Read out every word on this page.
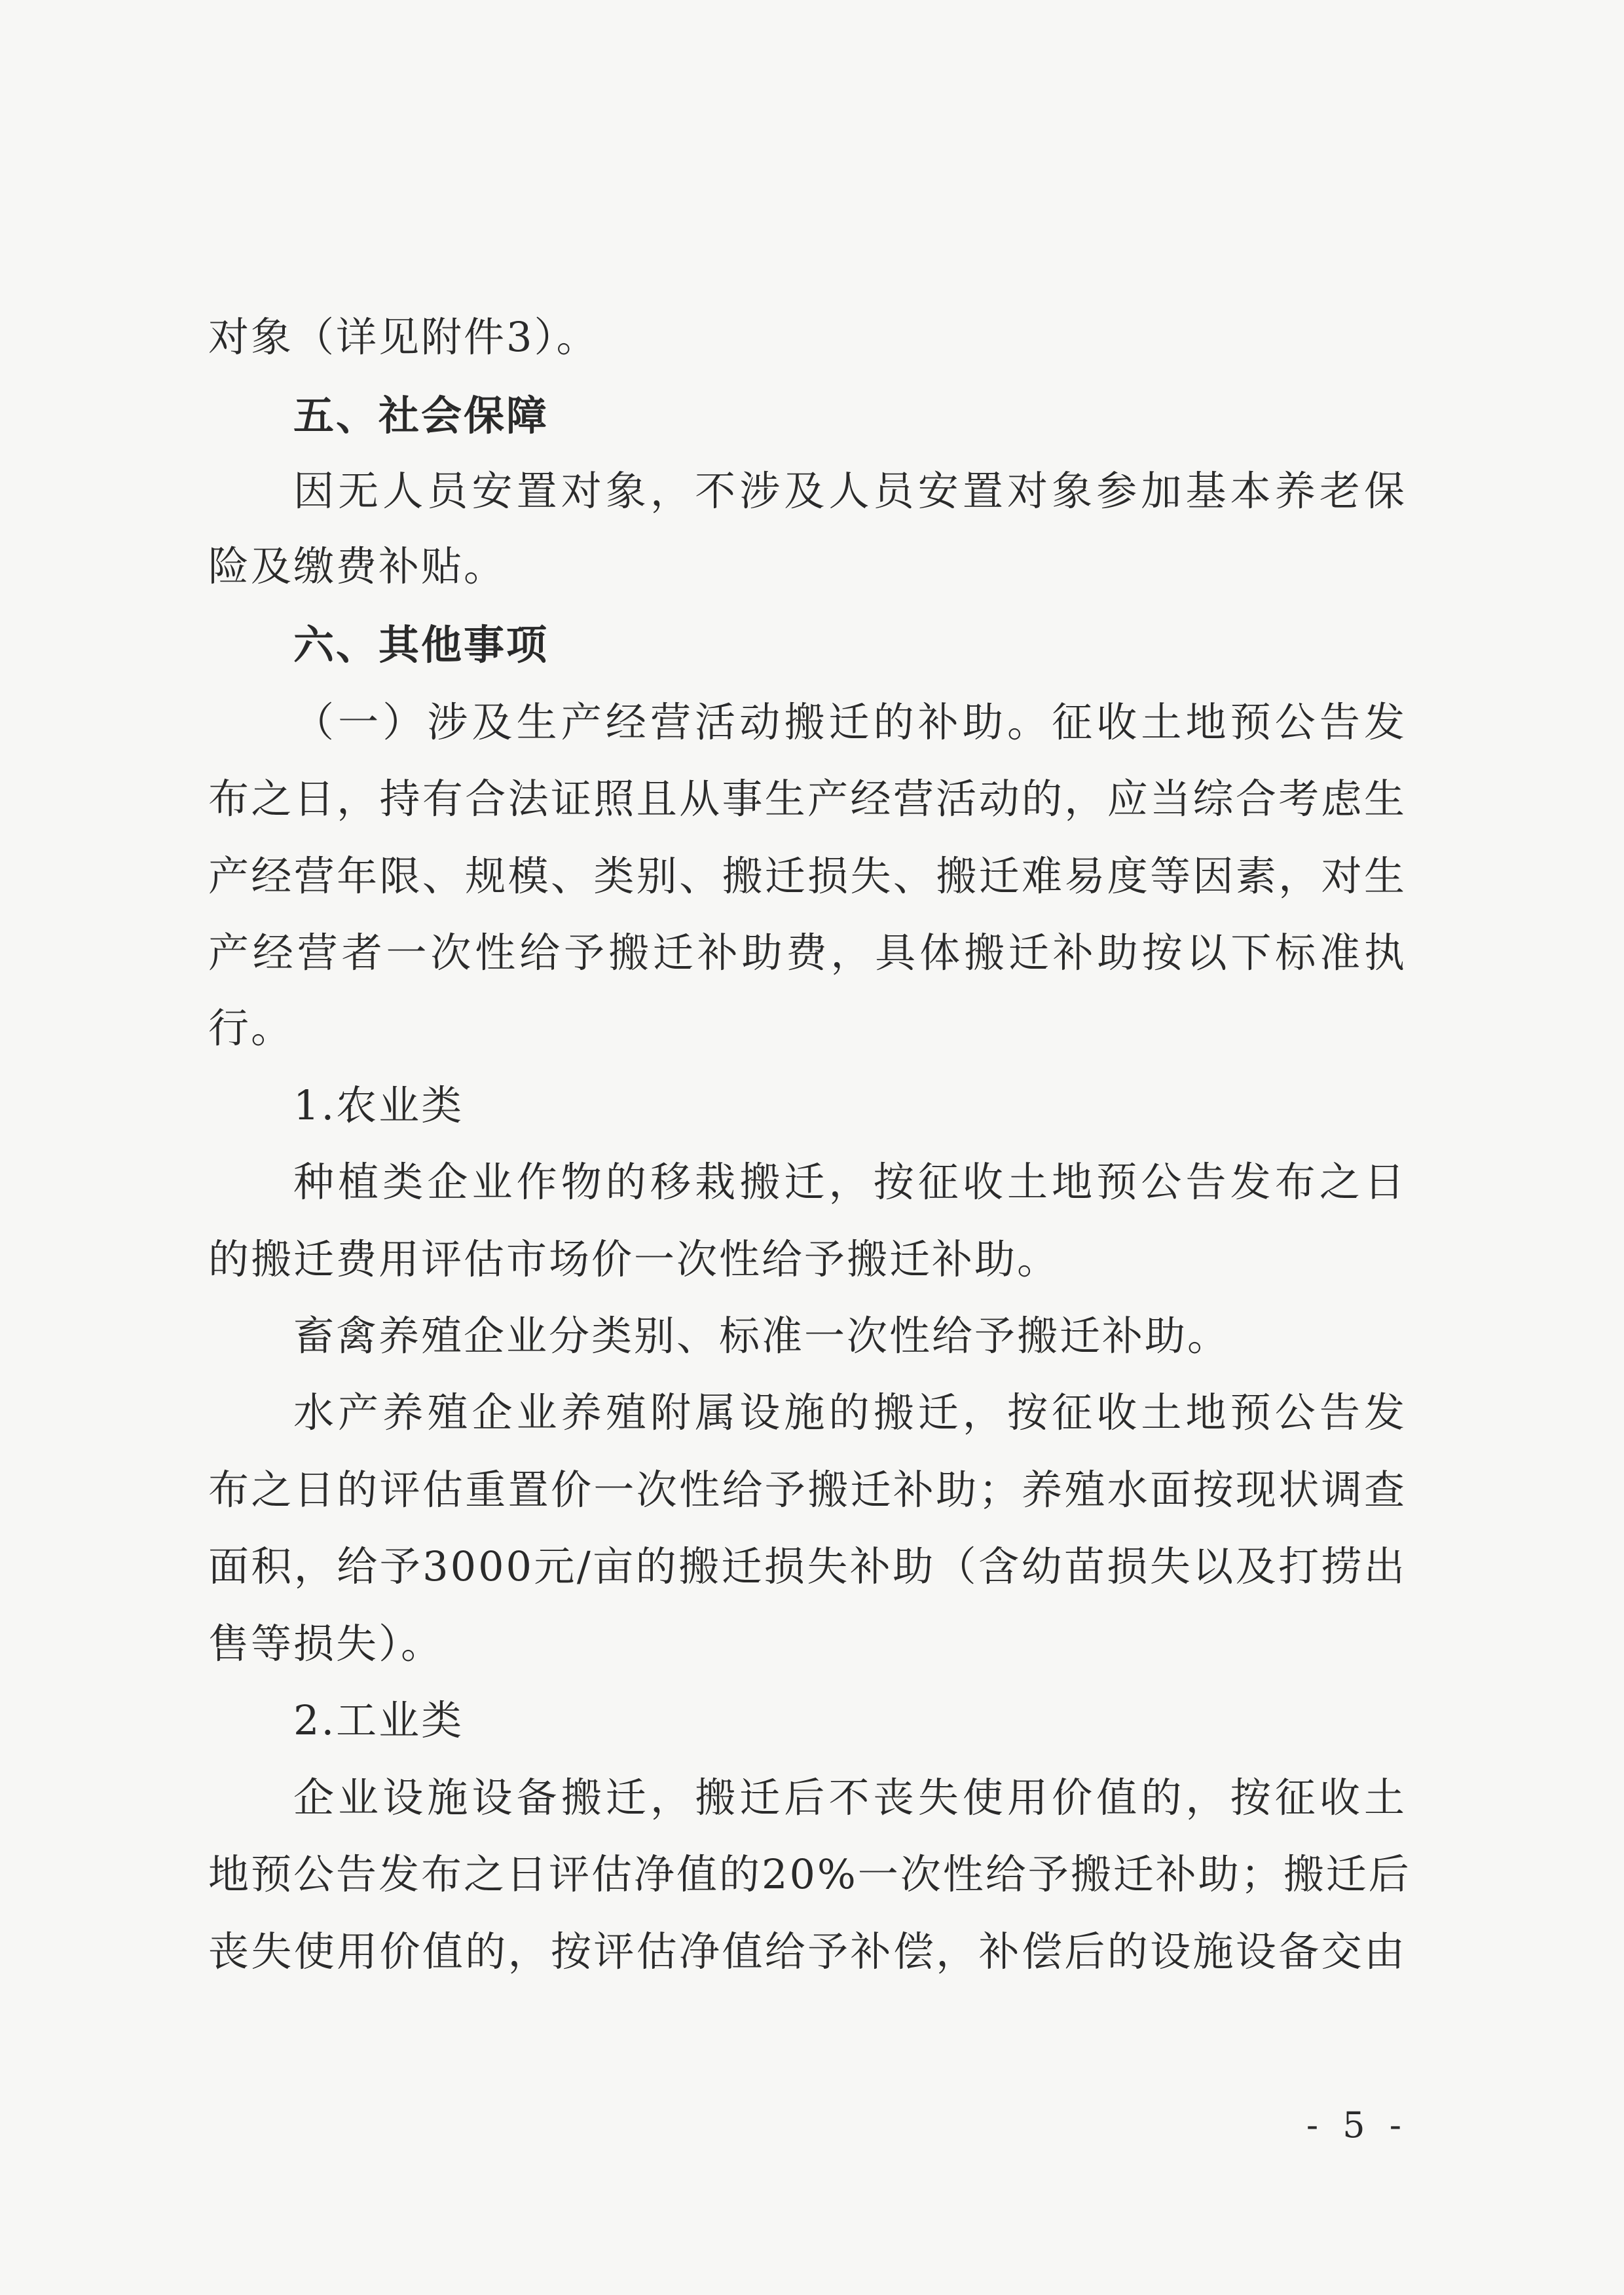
对象（详见附件3）。
五、社会保障
因无人员安置对象，不涉及人员安置对象参加基本养老保
险及缴费补贴。
六、其他事项
（一）涉及生产经营活动搬迁的补助。征收土地预公告发
布之日，持有合法证照且从事生产经营活动的，应当综合考虑生
产经营年限、规模、类别、搬迁损失、搬迁难易度等因素，对生
产经营者一次性给予搬迁补助费，具体搬迁补助按以下标准执
行。
1.农业类
种植类企业作物的移栽搬迁，按征收土地预公告发布之日
的搬迁费用评估市场价一次性给予搬迁补助。
畜禽养殖企业分类别、标准一次性给予搬迁补助。
水产养殖企业养殖附属设施的搬迁，按征收土地预公告发
布之日的评估重置价一次性给予搬迁补助；养殖水面按现状调查
面积，给予3000元/亩的搬迁损失补助（含幼苗损失以及打捞出
售等损失）。
2.工业类
企业设施设备搬迁，搬迁后不丧失使用价值的，按征收土
地预公告发布之日评估净值的20%一次性给予搬迁补助；搬迁后
丧失使用价值的，按评估净值给予补偿，补偿后的设施设备交由
- 5 -
